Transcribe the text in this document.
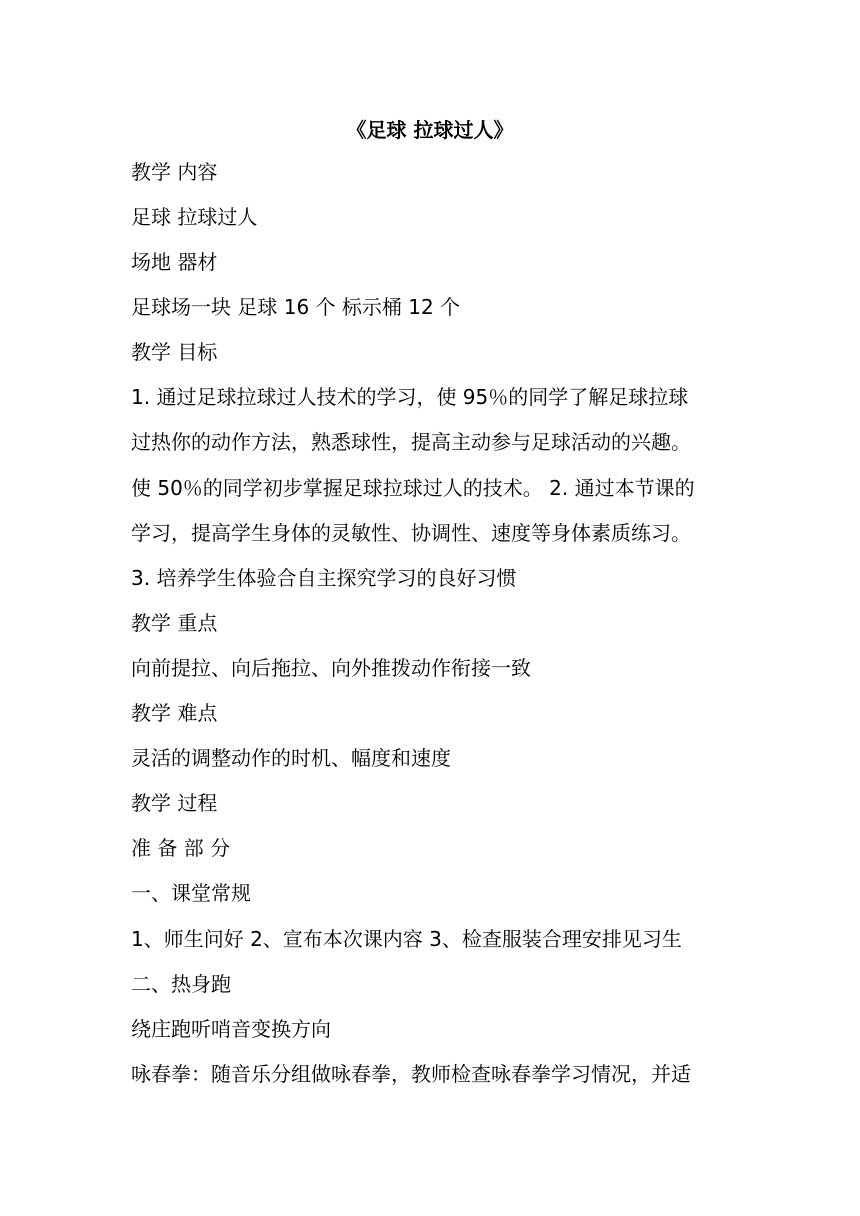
《足球 拉球过人》
教学 内容
足球 拉球过人
场地 器材
足球场一块 足球 16 个 标示桶 12 个
教学 目标
1. 通过足球拉球过人技术的学习，使 95％的同学了解足球拉球
过热你的动作方法，熟悉球性，提高主动参与足球活动的兴趣。
使 50％的同学初步掌握足球拉球过人的技术。 2. 通过本节课的
学习，提高学生身体的灵敏性、协调性、速度等身体素质练习。
3. 培养学生体验合自主探究学习的良好习惯
教学 重点
向前提拉、向后拖拉、向外推拨动作衔接一致
教学 难点
灵活的调整动作的时机、幅度和速度
教学 过程
准 备 部 分
一、课堂常规
1、师生问好 2、宣布本次课内容 3、检查服装合理安排见习生
二、热身跑
绕庄跑听哨音变换方向
咏春拳：随音乐分组做咏春拳，教师检查咏春拳学习情况，并适
